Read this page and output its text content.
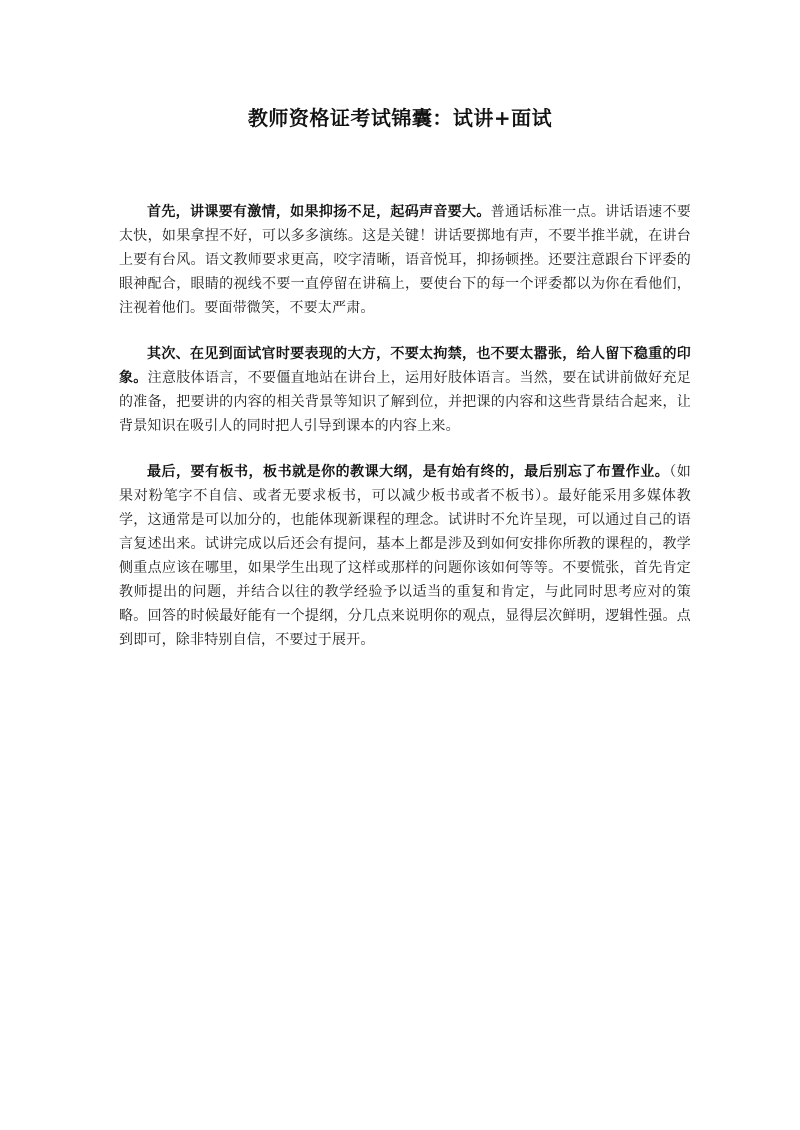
教师资格证考试锦囊：试讲+面试

首先，讲课要有激情，如果抑扬不足，起码声音要大。普通话标准一点。讲话语速不要太快，如果拿捏不好，可以多多演练。这是关键！讲话要掷地有声，不要半推半就，在讲台上要有台风。语文教师要求更高，咬字清晰，语音悦耳，抑扬顿挫。还要注意跟台下评委的眼神配合，眼睛的视线不要一直停留在讲稿上，要使台下的每一个评委都以为你在看他们，注视着他们。要面带微笑，不要太严肃。

其次、在见到面试官时要表现的大方，不要太拘禁，也不要太嚣张，给人留下稳重的印象。注意肢体语言，不要僵直地站在讲台上，运用好肢体语言。当然，要在试讲前做好充足的准备，把要讲的内容的相关背景等知识了解到位，并把课的内容和这些背景结合起来，让背景知识在吸引人的同时把人引导到课本的内容上来。

最后，要有板书，板书就是你的教课大纲，是有始有终的，最后别忘了布置作业。（如果对粉笔字不自信、或者无要求板书，可以减少板书或者不板书）。最好能采用多媒体教学，这通常是可以加分的，也能体现新课程的理念。试讲时不允许呈现，可以通过自己的语言复述出来。试讲完成以后还会有提问，基本上都是涉及到如何安排你所教的课程的，教学侧重点应该在哪里，如果学生出现了这样或那样的问题你该如何等等。不要慌张，首先肯定教师提出的问题，并结合以往的教学经验予以适当的重复和肯定，与此同时思考应对的策略。回答的时候最好能有一个提纲，分几点来说明你的观点，显得层次鲜明，逻辑性强。点到即可，除非特别自信，不要过于展开。
